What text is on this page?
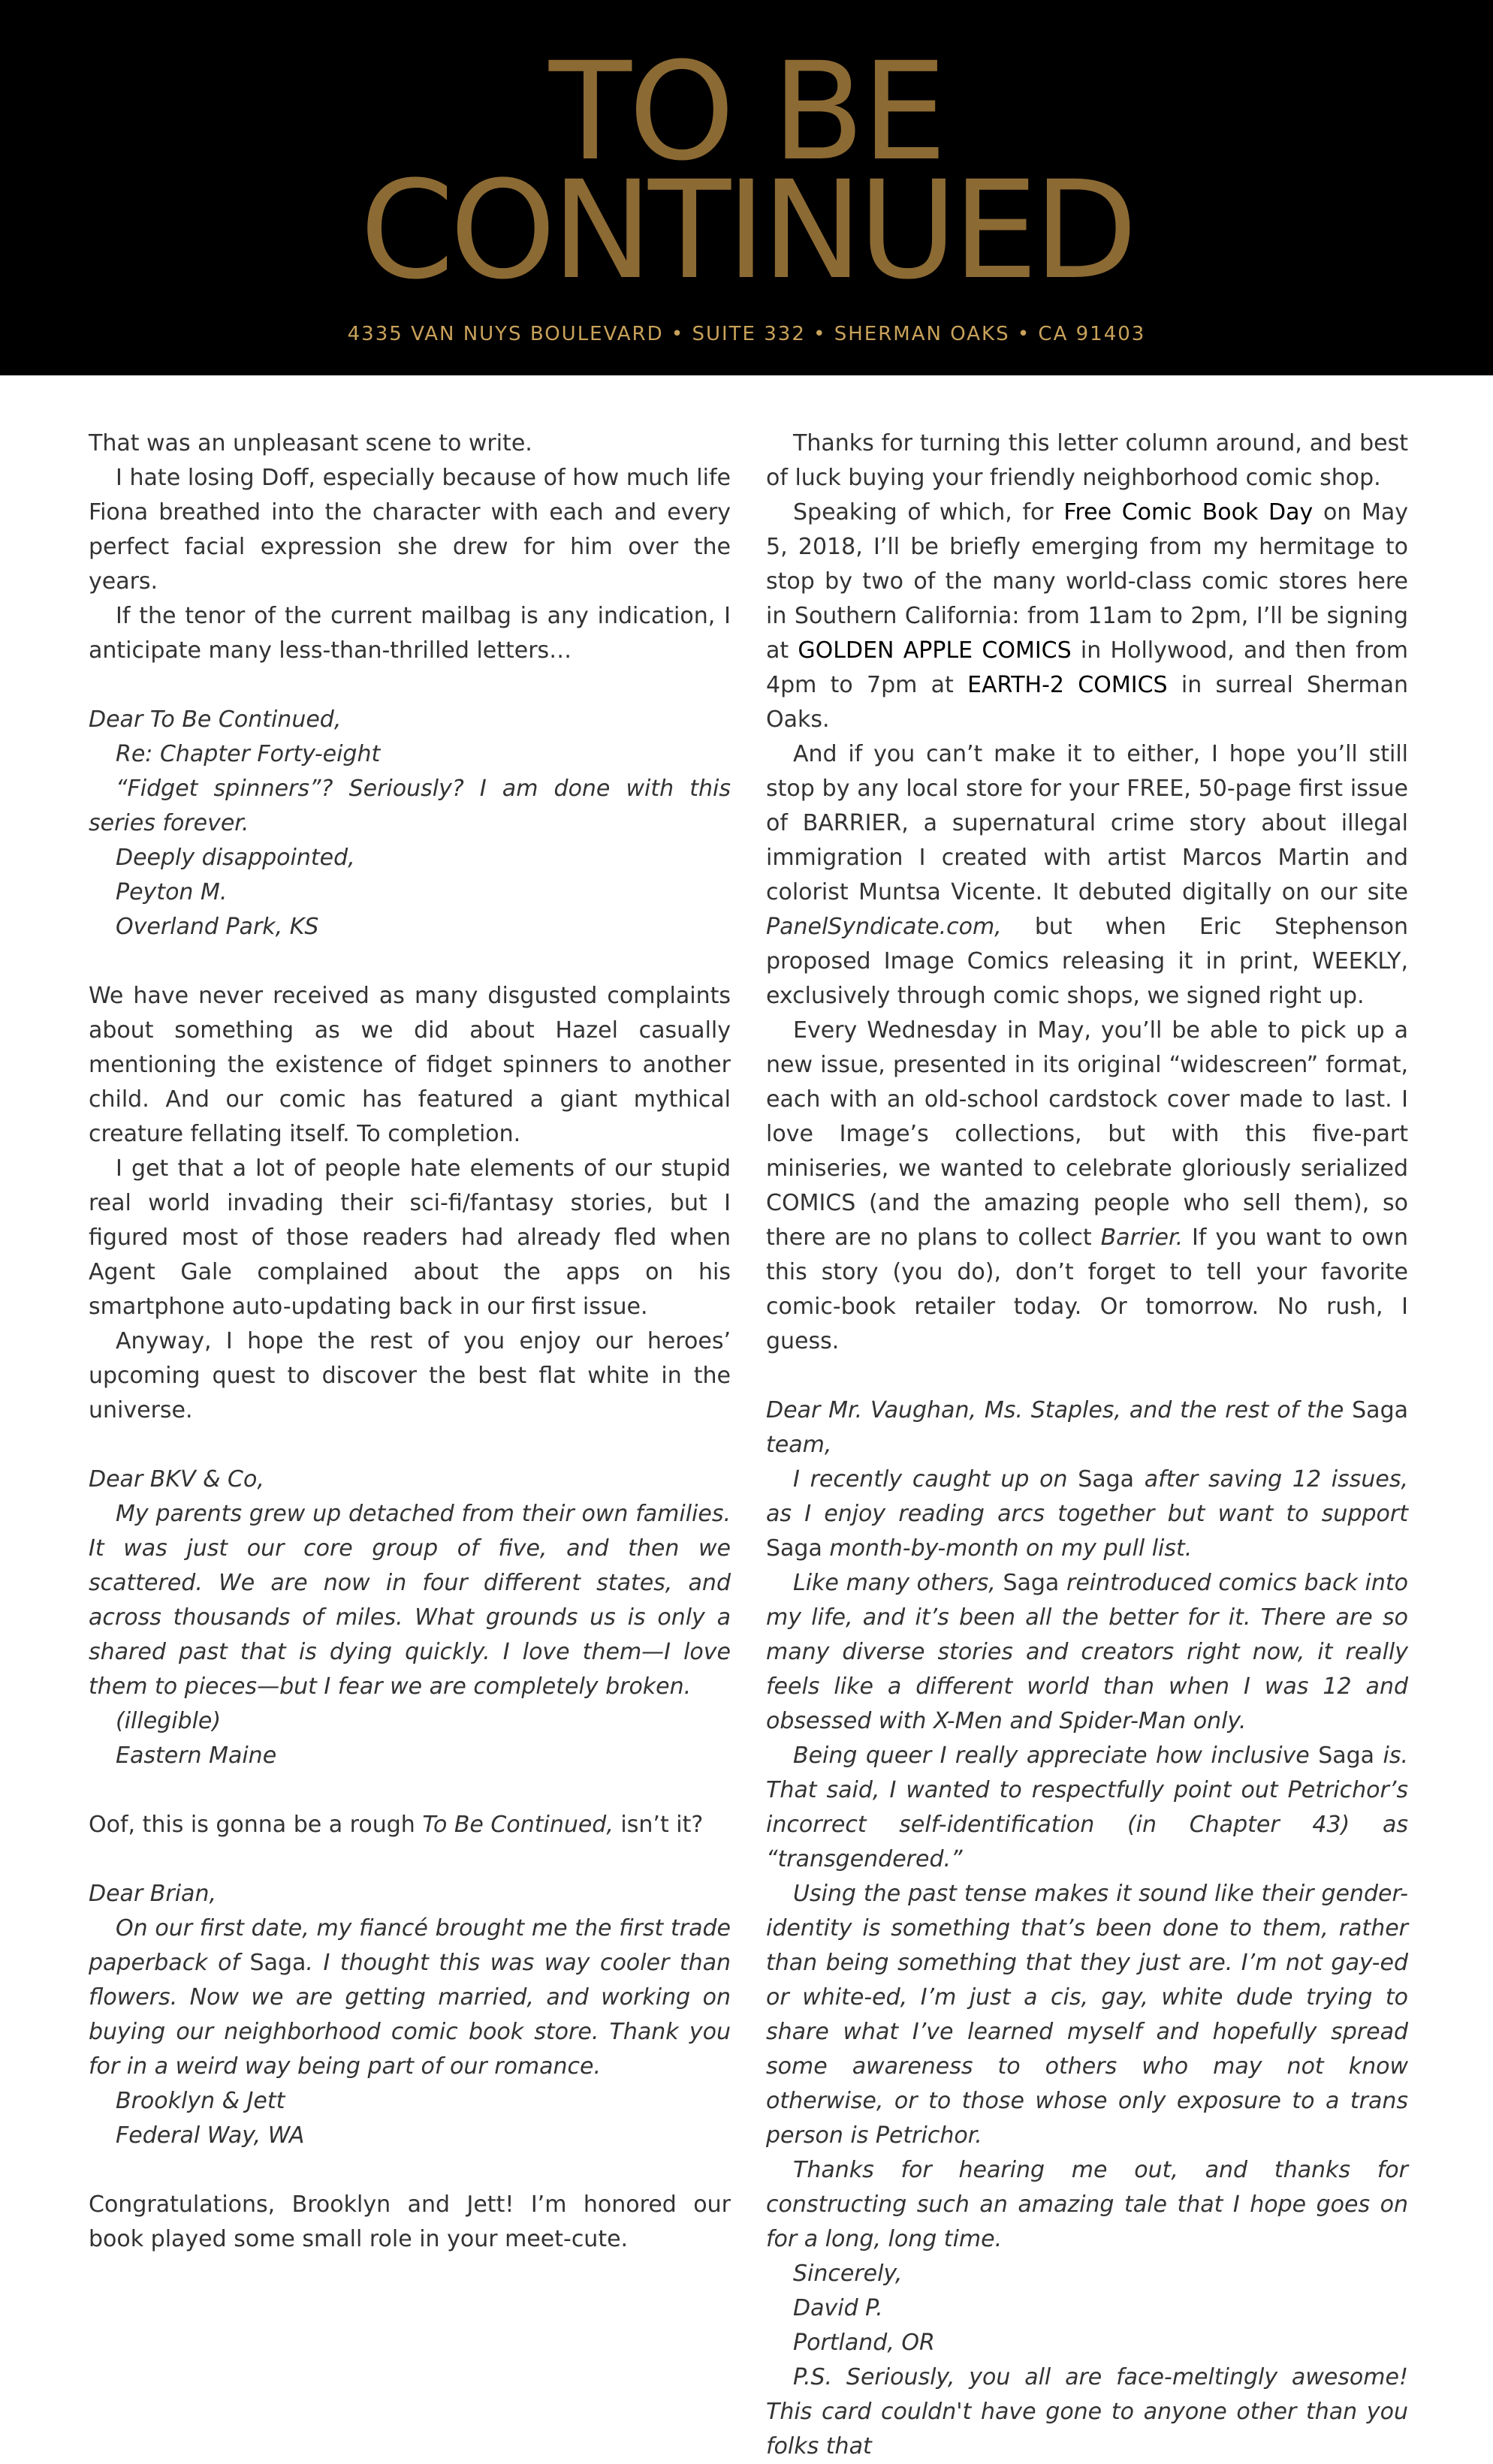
TO BE
CONTINUED
4335 VAN NUYS BOULEVARD • SUITE 332 • SHERMAN OAKS • CA 91403

That was an unpleasant scene to write.

I hate losing Doff, especially because of how much life Fiona breathed into the character with each and every perfect facial expression she drew for him over the years.

If the tenor of the current mailbag is any indication, I anticipate many less-than-thrilled letters…

Dear To Be Continued,

Re: Chapter Forty-eight

“Fidget spinners”? Seriously? I am done with this series forever.

Deeply disappointed,

Peyton M.

Overland Park, KS

We have never received as many disgusted complaints about something as we did about Hazel casually mentioning the existence of fidget spinners to another child. And our comic has featured a giant mythical creature fellating itself. To completion.

I get that a lot of people hate elements of our stupid real world invading their sci-fi/fantasy stories, but I figured most of those readers had already fled when Agent Gale complained about the apps on his smartphone auto-updating back in our first issue.

Anyway, I hope the rest of you enjoy our heroes’ upcoming quest to discover the best flat white in the universe.

Dear BKV & Co,

My parents grew up detached from their own families. It was just our core group of five, and then we scattered. We are now in four different states, and across thousands of miles. What grounds us is only a shared past that is dying quickly. I love them—I love them to pieces—but I fear we are completely broken.

(illegible)

Eastern Maine

Oof, this is gonna be a rough To Be Continued, isn’t it?

Dear Brian,

On our first date, my fiancé brought me the first trade paperback of Saga. I thought this was way cooler than flowers. Now we are getting married, and working on buying our neighborhood comic book store. Thank you for in a weird way being part of our romance.

Brooklyn & Jett

Federal Way, WA

Congratulations, Brooklyn and Jett! I’m honored our book played some small role in your meet-cute.

Thanks for turning this letter column around, and best of luck buying your friendly neighborhood comic shop.

Speaking of which, for Free Comic Book Day on May 5, 2018, I’ll be briefly emerging from my hermitage to stop by two of the many world-class comic stores here in Southern California: from 11am to 2pm, I’ll be signing at GOLDEN APPLE COMICS in Hollywood, and then from 4pm to 7pm at EARTH-2 COMICS in surreal Sherman Oaks.

And if you can’t make it to either, I hope you’ll still stop by any local store for your FREE, 50-page first issue of BARRIER, a supernatural crime story about illegal immigration I created with artist Marcos Martin and colorist Muntsa Vicente. It debuted digitally on our site PanelSyndicate.com, but when Eric Stephenson proposed Image Comics releasing it in print, WEEKLY, exclusively through comic shops, we signed right up.

Every Wednesday in May, you’ll be able to pick up a new issue, presented in its original “widescreen” format, each with an old-school cardstock cover made to last. I love Image’s collections, but with this five-part miniseries, we wanted to celebrate gloriously serialized COMICS (and the amazing people who sell them), so there are no plans to collect Barrier. If you want to own this story (you do), don’t forget to tell your favorite comic-book retailer today. Or tomorrow. No rush, I guess.

Dear Mr. Vaughan, Ms. Staples, and the rest of the Saga team,

I recently caught up on Saga after saving 12 issues, as I enjoy reading arcs together but want to support Saga month-by-month on my pull list.

Like many others, Saga reintroduced comics back into my life, and it’s been all the better for it. There are so many diverse stories and creators right now, it really feels like a different world than when I was 12 and obsessed with X-Men and Spider-Man only.

Being queer I really appreciate how inclusive Saga is. That said, I wanted to respectfully point out Petrichor’s incorrect self-identification (in Chapter 43) as “transgendered.”

Using the past tense makes it sound like their gender-identity is something that’s been done to them, rather than being something that they just are. I’m not gay-ed or white-ed, I’m just a cis, gay, white dude trying to share what I’ve learned myself and hopefully spread some awareness to others who may not know otherwise, or to those whose only exposure to a trans person is Petrichor.

Thanks for hearing me out, and thanks for constructing such an amazing tale that I hope goes on for a long, long time.

Sincerely,

David P.

Portland, OR

P.S. Seriously, you all are face-meltingly awesome! This card couldn't have gone to anyone other than you folks that
